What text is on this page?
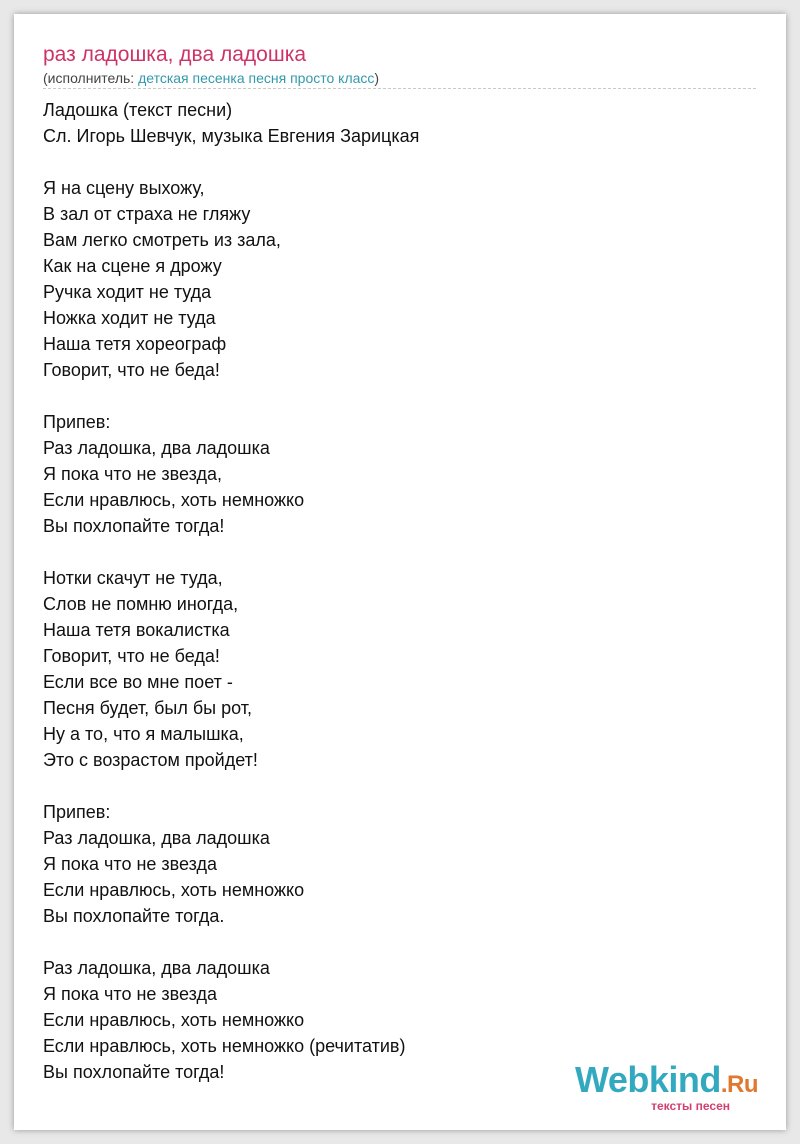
раз ладошка, два ладошка
(исполнитель: детская песенка песня просто класс)
Ладошка (текст песни)
Сл. Игорь Шевчук, музыка Евгения Зарицкая
Я на сцену выхожу,
В зал от страха не гляжу
Вам легко смотреть из зала,
Как на сцене я дрожу
Ручка ходит не туда
Ножка ходит не туда
Наша тетя хореограф
Говорит, что не беда!
Припев:
Раз ладошка, два ладошка
Я пока что не звезда,
Если нравлюсь, хоть немножко
Вы похлопайте тогда!
Нотки скачут не туда,
Слов не помню иногда,
Наша тетя вокалистка
Говорит, что не беда!
Если все во мне поет -
Песня будет, был бы рот,
Ну а то, что я малышка,
Это с возрастом пройдет!
Припев:
Раз ладошка, два ладошка
Я пока что не звезда
Если нравлюсь, хоть немножко
Вы похлопайте тогда.
Раз ладошка, два ладошка
Я пока что не звезда
Если нравлюсь, хоть немножко
Если нравлюсь, хоть немножко (речитатив)
Вы похлопайте тогда!	Webkind.Ru
тексты песен
